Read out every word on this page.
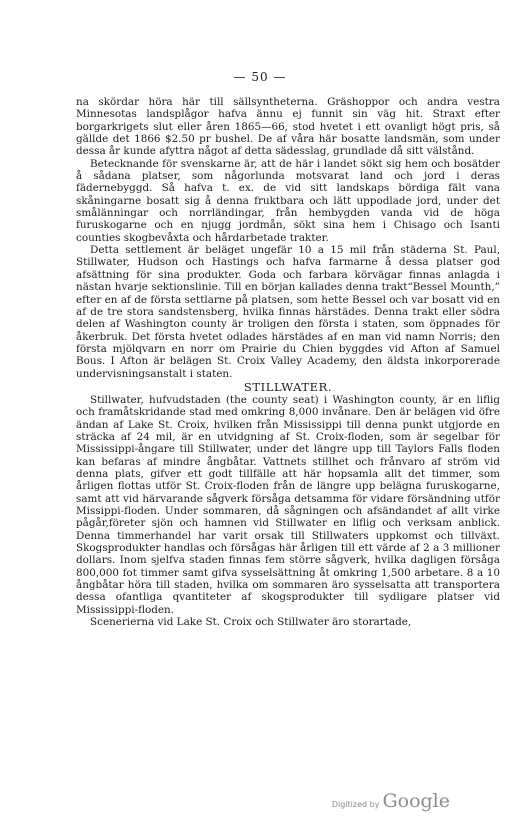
— 50 —

na skördar höra här till sällsyntheterna. Gräshoppor och andra vestra Minnesotas landsplågor hafva ännu ej funnit sin väg hit. Straxt efter borgarkrigets slut eller åren 1865—66, stod hvetet i ett ovanligt högt pris, så gällde det 1866 $2.50 pr bushel. De af våra här bosatte landsmän, som under dessa år kunde afyttra något af detta sädesslag, grundlade då sitt välstånd.

Betecknande för svenskarne är, att de här i landet sökt sig hem och bosätder å sådana platser, som någorlunda motsvarat land och jord i deras fädernebyggd. Så hafva t. ex. de vid sitt landskaps bördiga fält vana skåningarne bosatt sig å denna fruktbara och lätt uppodlade jord, under det smålänningar och norrländingar, från hembygden vanda vid de höga furuskogarne och en njugg jordmån, sökt sina hem i Chisago och Isanti counties skogbevåxta och hårdarbetade trakter.

Detta settlement är beläget ungefär 10 a 15 mil från städerna St. Paul, Stillwater, Hudson och Hastings och hafva farmarne å dessa platser god afsättning för sina produkter. Goda och farbara körvägar finnas anlagda i nästan hvarje sektionslinie. Till en början kallades denna trakt“Bessel Mounth,” efter en af de första settlarne på platsen, som hette Bessel och var bosatt vid en af de tre stora sandstensberg, hvilka finnas härstädes. Denna trakt eller södra delen af Washington county är troligen den första i staten, som öppnades för åkerbruk. Det första hvetet odlades härstädes af en man vid namn Norris; den första mjölqvarn en norr om Prairie du Chien byggdes vid Afton af Samuel Bous. I Afton är belägen St. Croix Valley Academy, den äldsta inkorporerade undervisningsanstalt i staten.

STILLWATER.

Stillwater, hufvudstaden (the county seat) i Washington county, är en liflig och framåtskridande stad med omkring 8,000 invånare. Den är belägen vid öfre ändan af Lake St. Croix, hvilken från Mississippi till denna punkt utgjorde en sträcka af 24 mil, är en utvidgning af St. Croix-floden, som är segelbar för Mississippi-ångare till Stillwater, under det längre upp till Taylors Falls floden kan befaras af mindre ångbåtar. Vattnets stillhet och frånvaro af ström vid denna plats, gifver ett godt tillfälle att här hopsamla allt det timmer, som årligen flottas utför St. Croix-floden från de längre upp belägna furuskogarne, samt att vid härvarande sågverk försåga detsamma för vidare försändning utför Missippi-floden. Under sommaren, då sågningen och afsändandet af allt virke pågår,företer sjön och hamnen vid Stillwater en liflig och verksam anblick. Denna timmerhandel har varit orsak till Stillwaters uppkomst och tillväxt. Skogsprodukter handlas och försågas här årligen till ett värde af 2 a 3 millioner dollars. Inom sjelfva staden finnas fem större sågverk, hvilka dagligen försåga 800,000 fot timmer samt gifva sysselsättning åt omkring 1,500 arbetare. 8 a 10 ångbåtar höra till staden, hvilka om sommaren äro sysselsatta att transportera dessa ofantliga qvantiteter af skogsprodukter till sydligare platser vid Mississippi-floden.

Scenerierna vid Lake St. Croix och Stillwater äro storartade,

Digitized by Google
